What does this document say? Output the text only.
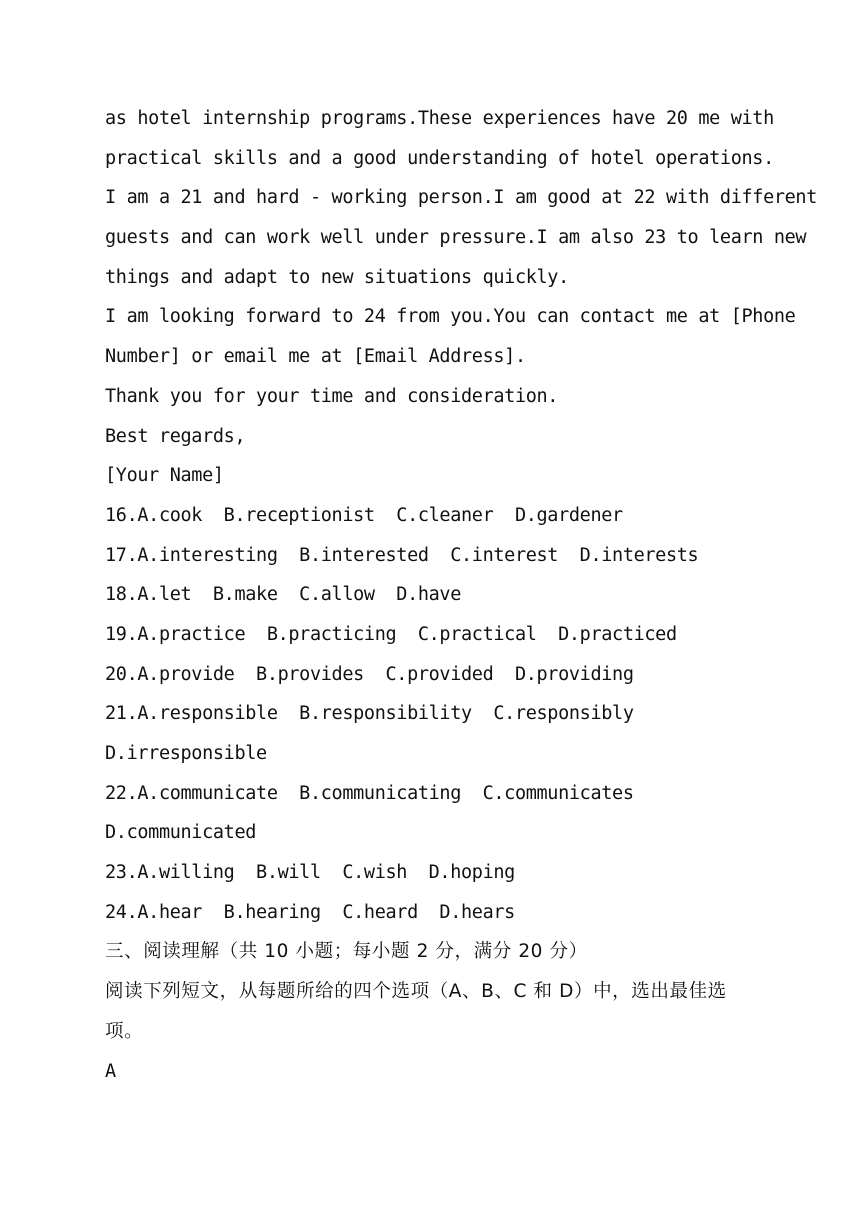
as hotel internship programs.These experiences have 20 me with
practical skills and a good understanding of hotel operations.
I am a 21 and hard - working person.I am good at 22 with different
guests and can work well under pressure.I am also 23 to learn new
things and adapt to new situations quickly.
I am looking forward to 24 from you.You can contact me at [Phone
Number] or email me at [Email Address].
Thank you for your time and consideration.
Best regards,
[Your Name]
16.A.cook  B.receptionist  C.cleaner  D.gardener
17.A.interesting  B.interested  C.interest  D.interests
18.A.let  B.make  C.allow  D.have
19.A.practice  B.practicing  C.practical  D.practiced
20.A.provide  B.provides  C.provided  D.providing
21.A.responsible  B.responsibility  C.responsibly
D.irresponsible
22.A.communicate  B.communicating  C.communicates
D.communicated
23.A.willing  B.will  C.wish  D.hoping
24.A.hear  B.hearing  C.heard  D.hears
三、阅读理解（共 10 小题；每小题 2 分，满分 20 分）
阅读下列短文，从每题所给的四个选项（A、B、C 和 D）中，选出最佳选
项。
A
